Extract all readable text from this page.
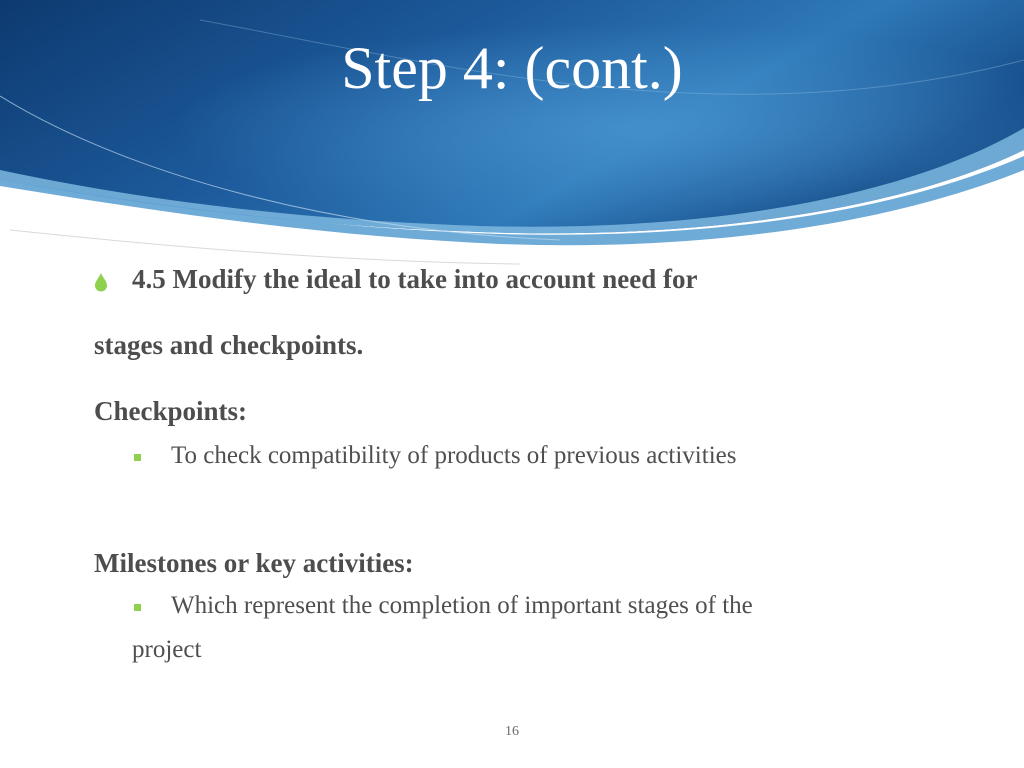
Step 4: (cont.)
4.5 Modify the ideal to take into account need for
stages and checkpoints.
Checkpoints:
To check compatibility of products of previous activities
Milestones or key activities:
Which represent the completion of important stages of the
project
16
